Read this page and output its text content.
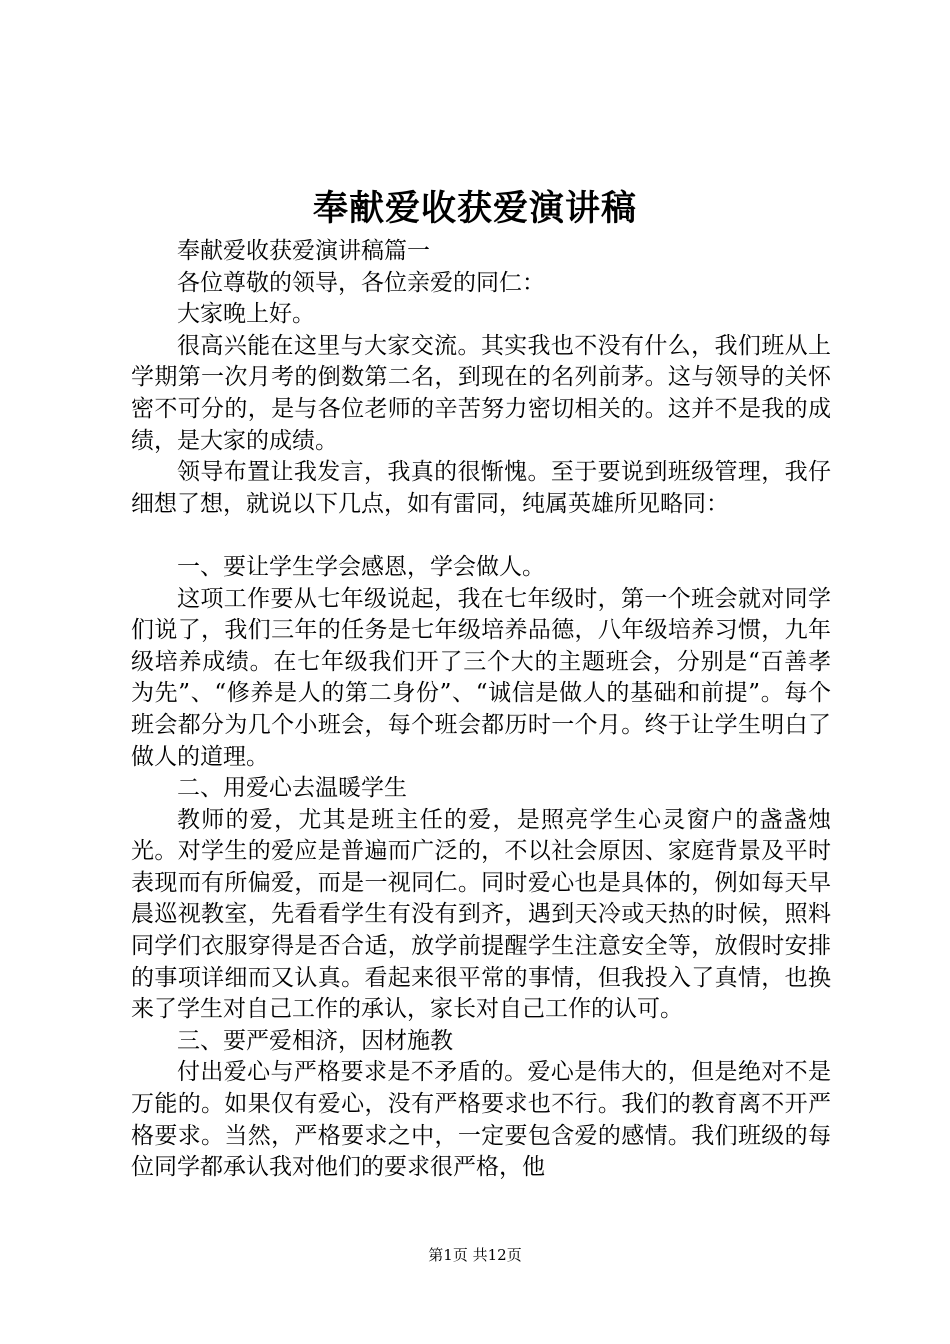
奉献爱收获爱演讲稿

奉献爱收获爱演讲稿篇一

各位尊敬的领导，各位亲爱的同仁：

大家晚上好。

很高兴能在这里与大家交流。其实我也不没有什么，我们班从上学期第一次月考的倒数第二名，到现在的名列前茅。这与领导的关怀密不可分的，是与各位老师的辛苦努力密切相关的。这并不是我的成绩，是大家的成绩。

领导布置让我发言，我真的很惭愧。至于要说到班级管理，我仔细想了想，就说以下几点，如有雷同，纯属英雄所见略同：

一、要让学生学会感恩，学会做人。

这项工作要从七年级说起，我在七年级时，第一个班会就对同学们说了，我们三年的任务是七年级培养品德，八年级培养习惯，九年级培养成绩。在七年级我们开了三个大的主题班会，分别是“百善孝为先”、“修养是人的第二身份”、“诚信是做人的基础和前提”。每个班会都分为几个小班会，每个班会都历时一个月。终于让学生明白了做人的道理。

二、用爱心去温暖学生

教师的爱，尤其是班主任的爱，是照亮学生心灵窗户的盏盏烛光。对学生的爱应是普遍而广泛的，不以社会原因、家庭背景及平时表现而有所偏爱，而是一视同仁。同时爱心也是具体的，例如每天早晨巡视教室，先看看学生有没有到齐，遇到天冷或天热的时候，照料同学们衣服穿得是否合适，放学前提醒学生注意安全等，放假时安排的事项详细而又认真。看起来很平常的事情，但我投入了真情，也换来了学生对自己工作的承认，家长对自己工作的认可。

三、要严爱相济，因材施教

付出爱心与严格要求是不矛盾的。爱心是伟大的，但是绝对不是万能的。如果仅有爱心，没有严格要求也不行。我们的教育离不开严格要求。当然，严格要求之中，一定要包含爱的感情。我们班级的每位同学都承认我对他们的要求很严格，他

第1页 共12页
